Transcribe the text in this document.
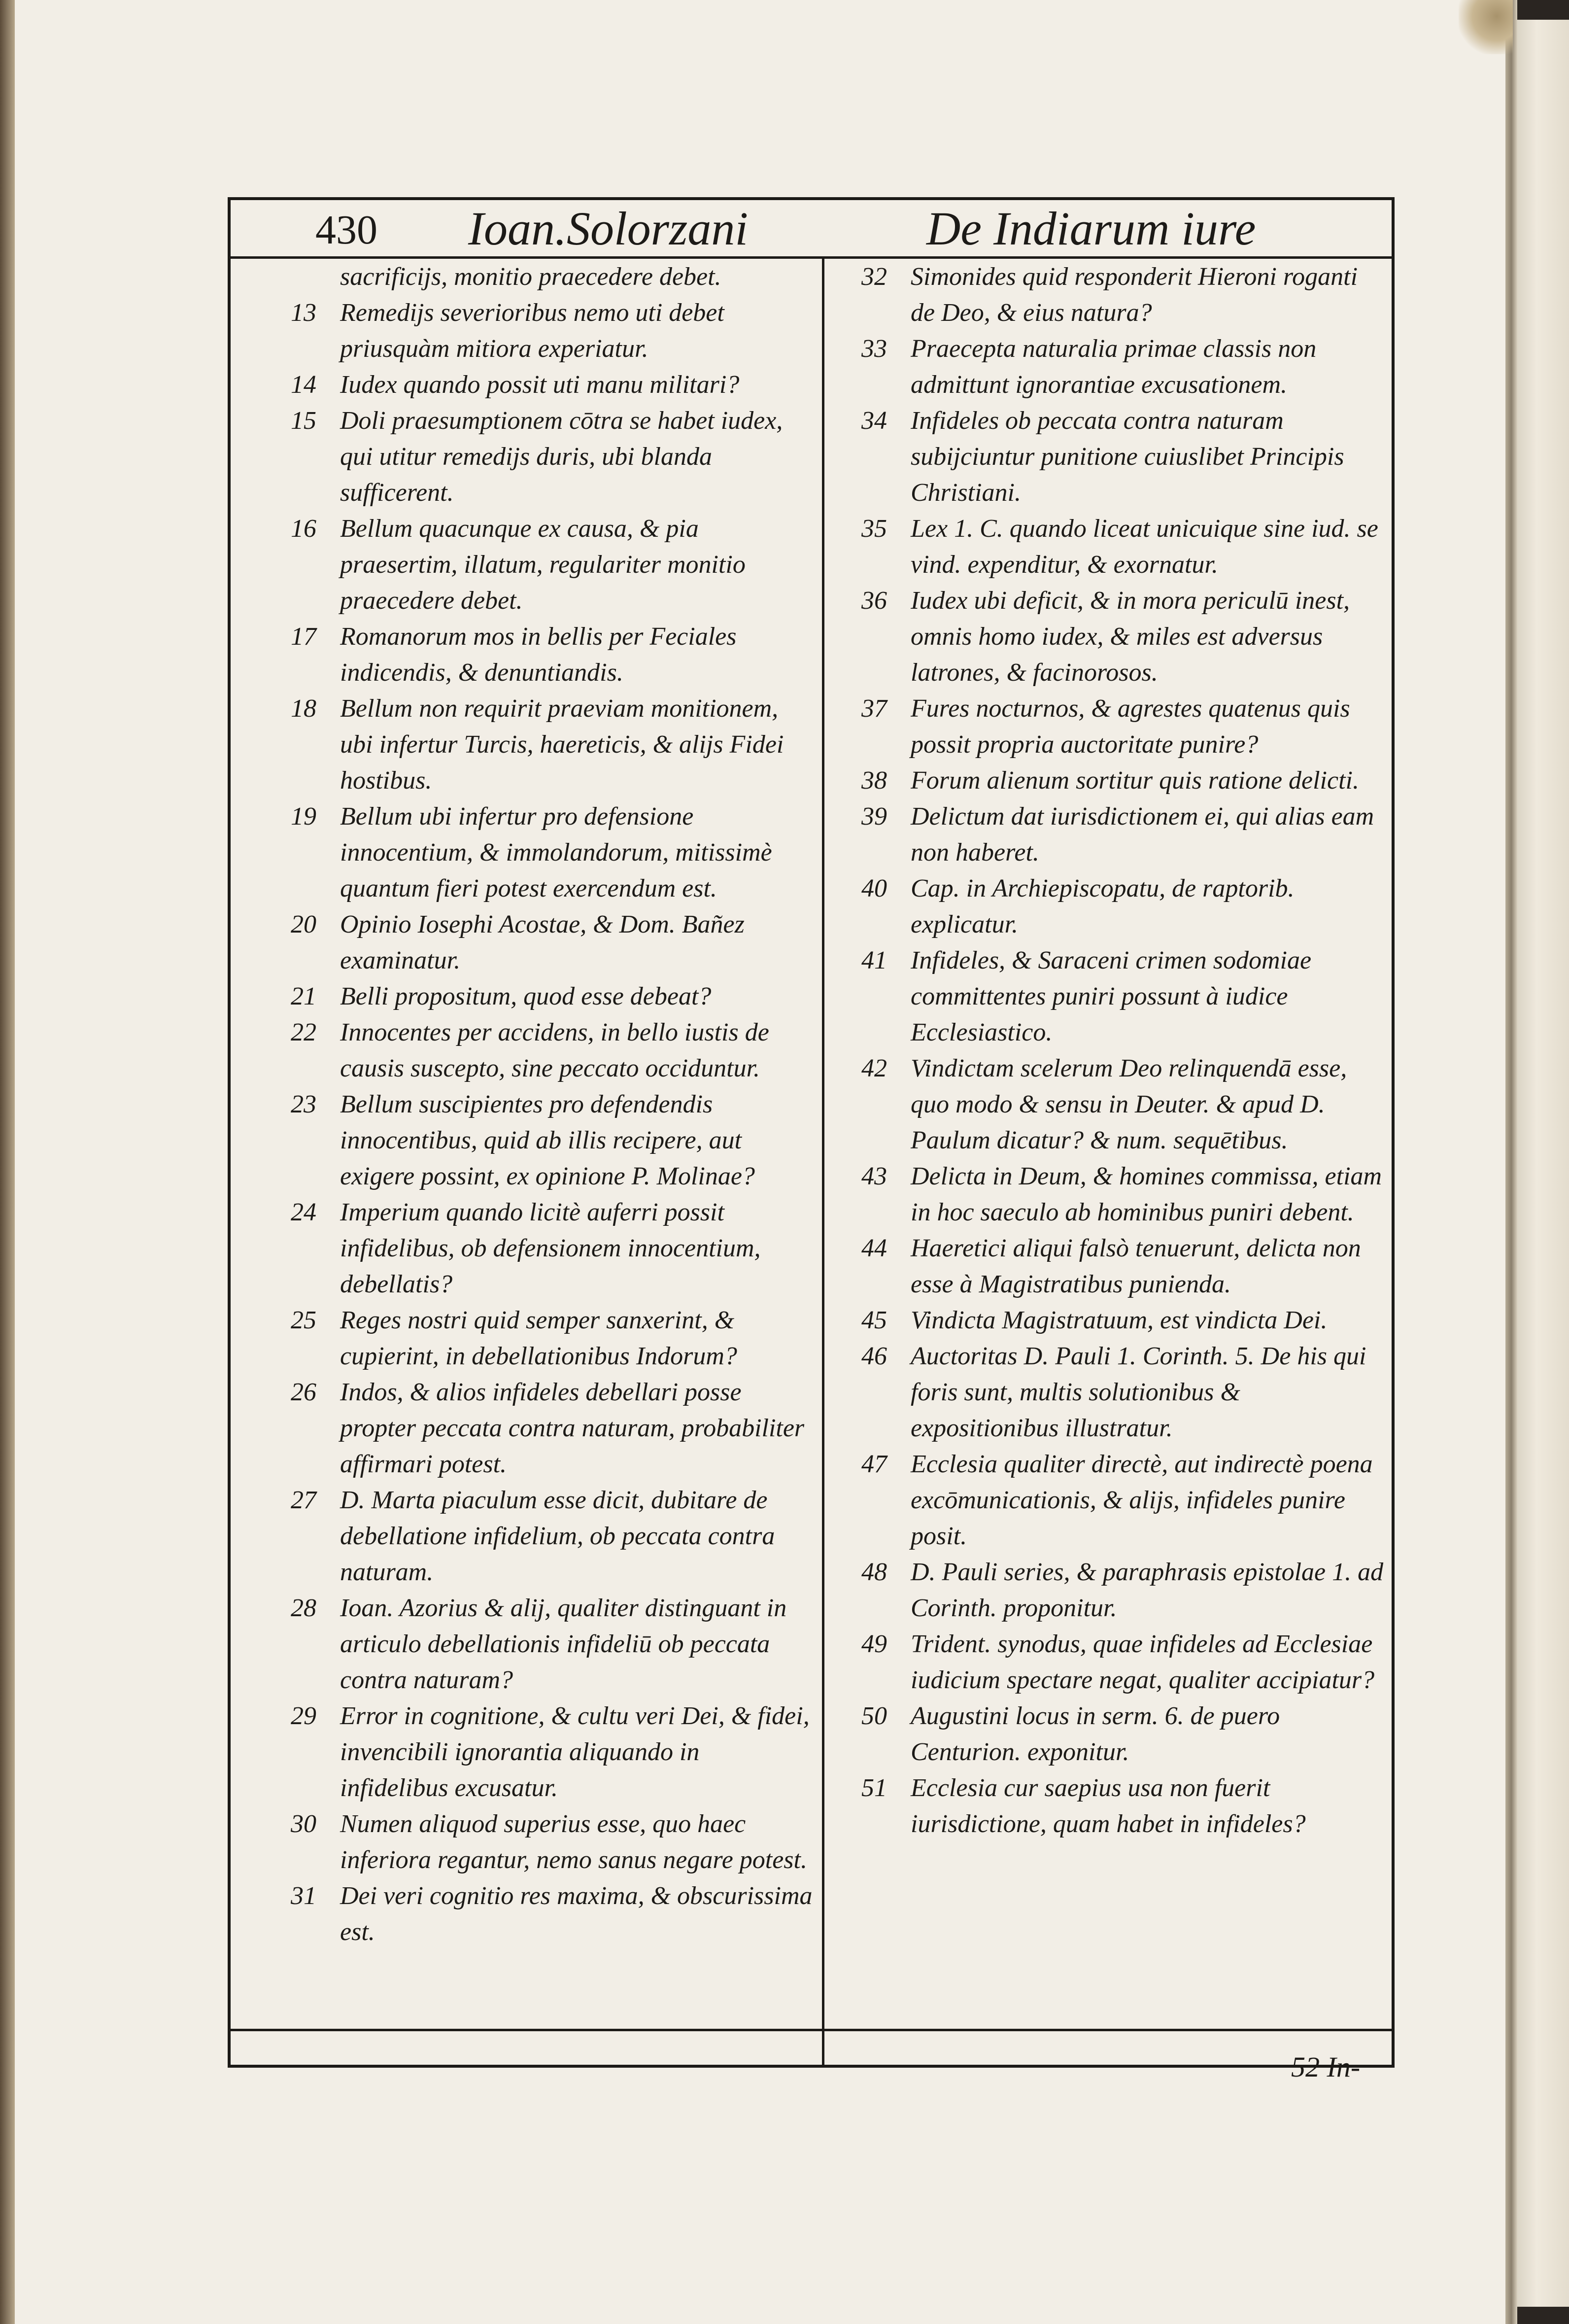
430 Ioan.Solorzani	De Indiarum iure
sacrificijs, monitio praecedere debet.
13 Remedijs severioribus nemo uti debet priusquàm mitiora experiatur.
14 Iudex quando possit uti manu militari?
15 Doli praesumptionem cōtra se habet iudex, qui utitur remedijs duris, ubi blanda sufficerent.
16 Bellum quacunque ex causa, & pia praesertim, illatum, regulariter monitio praecedere debet.
17 Romanorum mos in bellis per Feciales indicendis, & denuntiandis.
18 Bellum non requirit praeviam monitionem, ubi infertur Turcis, haereticis, & alijs Fidei hostibus.
19 Bellum ubi infertur pro defensione innocentium, & immolandorum, mitissimè quantum fieri potest exercendum est.
20 Opinio Iosephi Acostae, & Dom. Bañez examinatur.
21 Belli propositum, quod esse debeat?
22 Innocentes per accidens, in bello iustis de causis suscepto, sine peccato occiduntur.
23 Bellum suscipientes pro defendendis innocentibus, quid ab illis recipere, aut exigere possint, ex opinione P. Molinae?
24 Imperium quando licitè auferri possit infidelibus, ob defensionem innocentium, debellatis?
25 Reges nostri quid semper sanxerint, & cupierint, in debellationibus Indorum?
26 Indos, & alios infideles debellari posse propter peccata contra naturam, probabiliter affirmari potest.
27 D. Marta piaculum esse dicit, dubitare de debellatione infidelium, ob peccata contra naturam.
28 Ioan. Azorius & alij, qualiter distinguant in articulo debellationis infideliū ob peccata contra naturam?
29 Error in cognitione, & cultu veri Dei, & fidei, invencibili ignorantia aliquando in infidelibus excusatur.
30 Numen aliquod superius esse, quo haec inferiora regantur, nemo sanus negare potest.
31 Dei veri cognitio res maxima, & obscurissima est.
32 Simonides quid responderit Hieroni roganti de Deo, & eius natura?
33 Praecepta naturalia primae classis non admittunt ignorantiae excusationem.
34 Infideles ob peccata contra naturam subijciuntur punitione cuiuslibet Principis Christiani.
35 Lex 1. C. quando liceat unicuique sine iud. se vind. expenditur, & exornatur.
36 Iudex ubi deficit, & in mora periculū inest, omnis homo iudex, & miles est adversus latrones, & facinorosos.
37 Fures nocturnos, & agrestes quatenus quis possit propria auctoritate punire?
38 Forum alienum sortitur quis ratione delicti.
39 Delictum dat iurisdictionem ei, qui alias eam non haberet.
40 Cap. in Archiepiscopatu, de raptorib. explicatur.
41 Infideles, & Saraceni crimen sodomiae committentes puniri possunt à iudice Ecclesiastico.
42 Vindictam scelerum Deo relinquendā esse, quo modo & sensu in Deuter. & apud D. Paulum dicatur? & num. sequētibus.
43 Delicta in Deum, & homines commissa, etiam in hoc saeculo ab hominibus puniri debent.
44 Haeretici aliqui falsò tenuerunt, delicta non esse à Magistratibus punienda.
45 Vindicta Magistratuum, est vindicta Dei.
46 Auctoritas D. Pauli 1. Corinth. 5. De his qui foris sunt, multis solutionibus & expositionibus illustratur.
47 Ecclesia qualiter directè, aut indirectè poena excōmunicationis, & alijs, infideles punire posit.
48 D. Pauli series, & paraphrasis epistolae 1. ad Corinth. proponitur.
49 Trident. synodus, quae infideles ad Ecclesiae iudicium spectare negat, qualiter accipiatur?
50 Augustini locus in serm. 6. de puero Centurion. exponitur.
51 Ecclesia cur saepius usa non fuerit iurisdictione, quam habet in infideles?
52 In-
